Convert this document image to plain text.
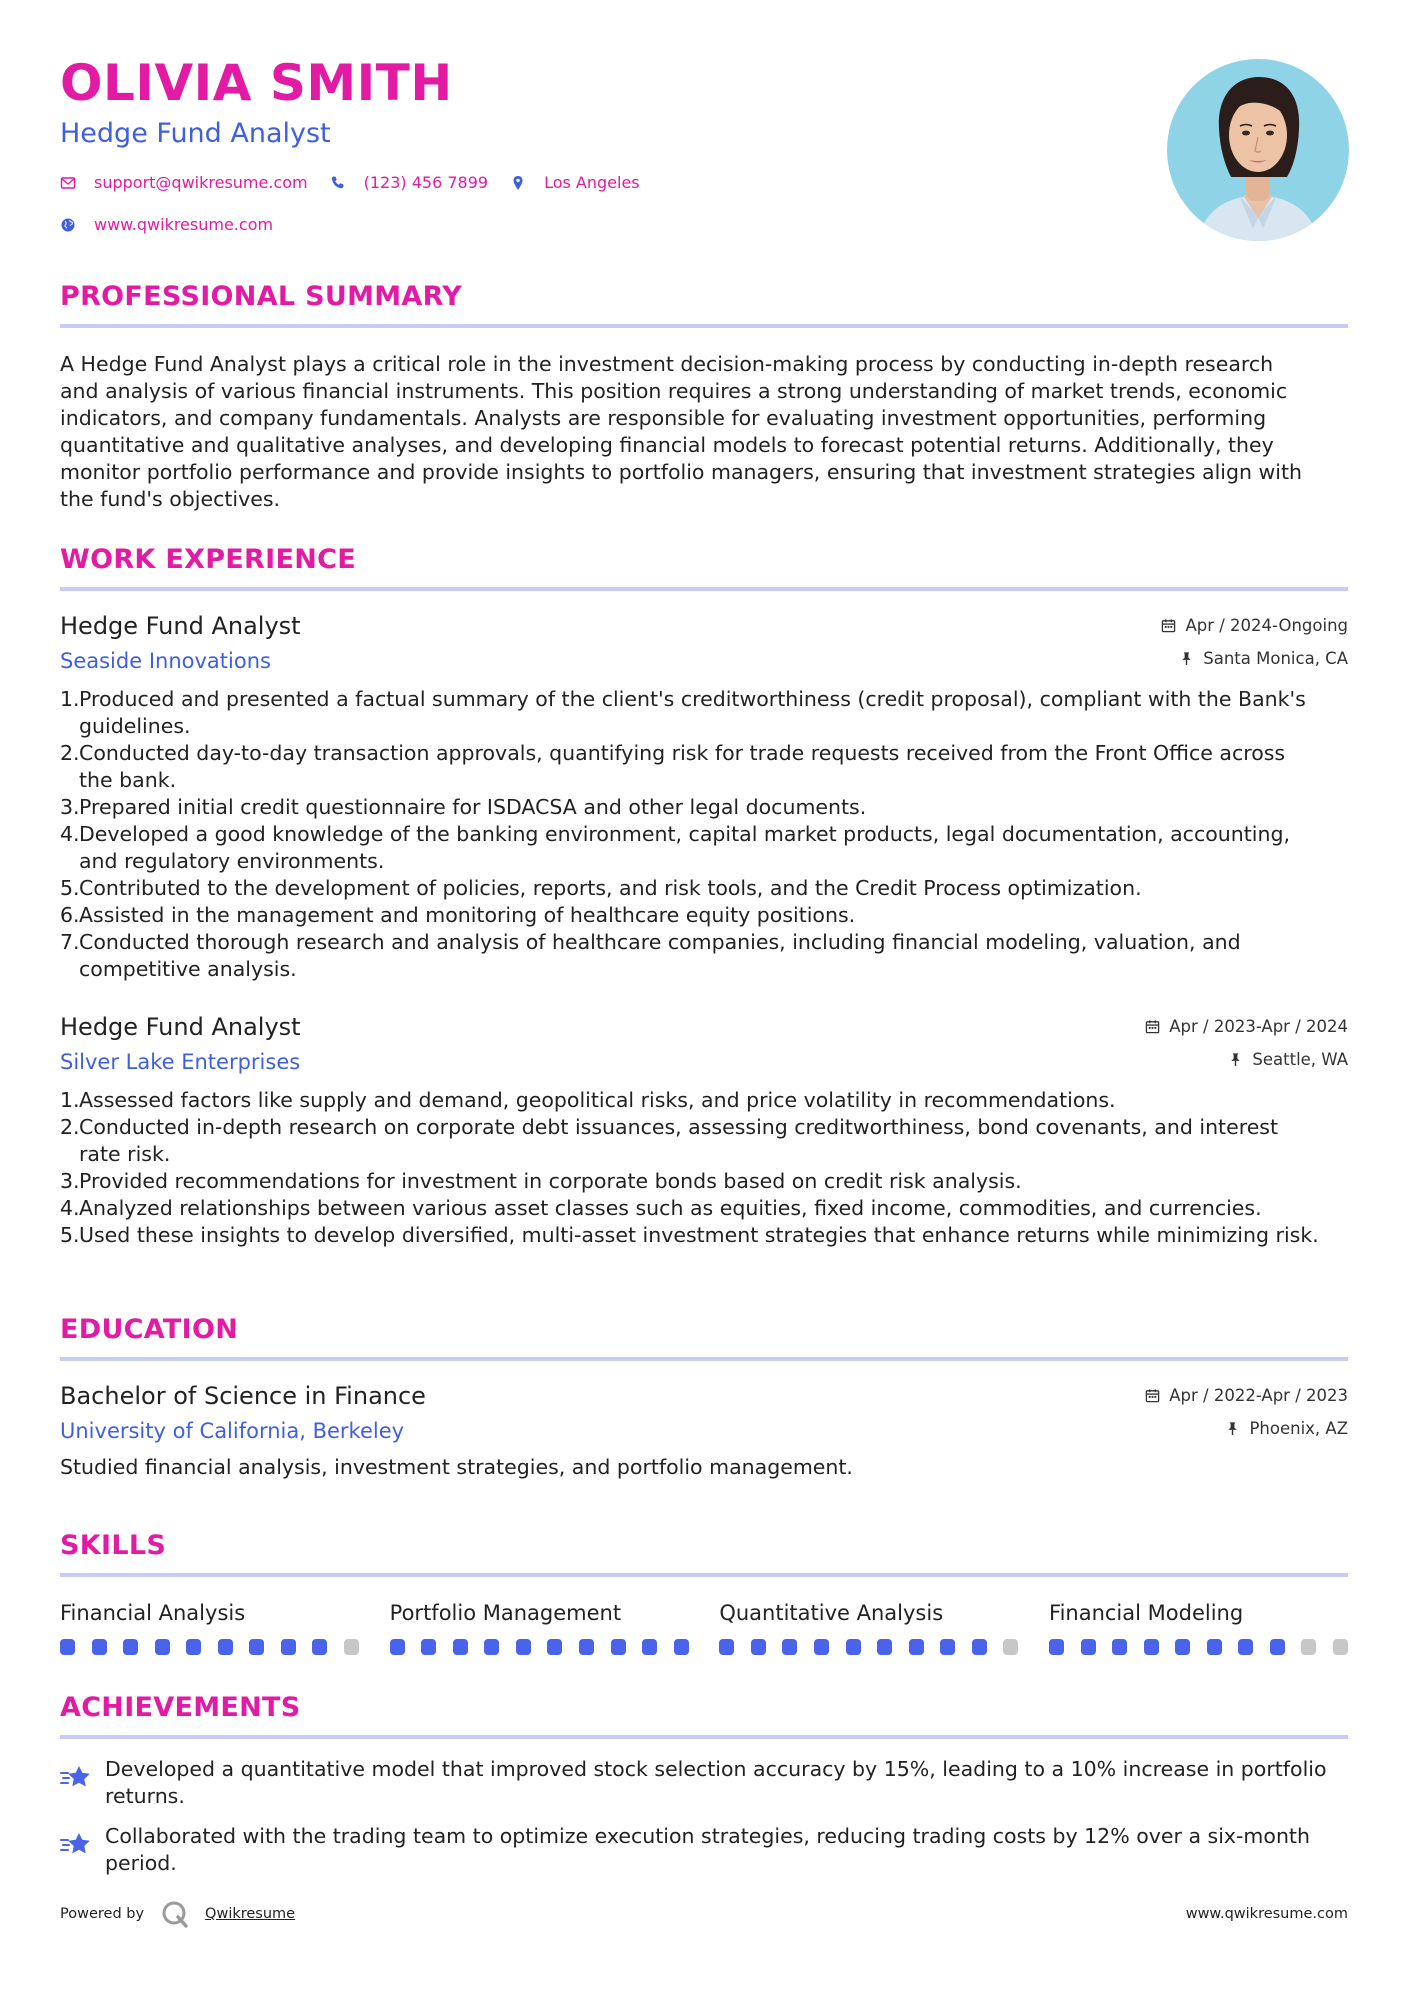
OLIVIA SMITH
Hedge Fund Analyst
support@qwikresume.com	(123) 456 7899	Los Angeles
www.qwikresume.com
PROFESSIONAL SUMMARY
A Hedge Fund Analyst plays a critical role in the investment decision-making process by conducting in-depth research
and analysis of various financial instruments. This position requires a strong understanding of market trends, economic
indicators, and company fundamentals. Analysts are responsible for evaluating investment opportunities, performing
quantitative and qualitative analyses, and developing financial models to forecast potential returns. Additionally, they
monitor portfolio performance and provide insights to portfolio managers, ensuring that investment strategies align with
the fund's objectives.
WORK EXPERIENCE
Hedge Fund Analyst
Seaside Innovations
Apr / 2024-Ongoing
Santa Monica, CA
1. Produced and presented a factual summary of the client's creditworthiness (credit proposal), compliant with the Bank's
guidelines.
2. Conducted day-to-day transaction approvals, quantifying risk for trade requests received from the Front Office across
the bank.
3. Prepared initial credit questionnaire for ISDACSA and other legal documents.
4. Developed a good knowledge of the banking environment, capital market products, legal documentation, accounting,
and regulatory environments.
5. Contributed to the development of policies, reports, and risk tools, and the Credit Process optimization.
6. Assisted in the management and monitoring of healthcare equity positions.
7. Conducted thorough research and analysis of healthcare companies, including financial modeling, valuation, and
competitive analysis.
Hedge Fund Analyst
Silver Lake Enterprises
Apr / 2023-Apr / 2024
Seattle, WA
1. Assessed factors like supply and demand, geopolitical risks, and price volatility in recommendations.
2. Conducted in-depth research on corporate debt issuances, assessing creditworthiness, bond covenants, and interest
rate risk.
3. Provided recommendations for investment in corporate bonds based on credit risk analysis.
4. Analyzed relationships between various asset classes such as equities, fixed income, commodities, and currencies.
5. Used these insights to develop diversified, multi-asset investment strategies that enhance returns while minimizing risk.
EDUCATION
Bachelor of Science in Finance
University of California, Berkeley
Apr / 2022-Apr / 2023
Phoenix, AZ
Studied financial analysis, investment strategies, and portfolio management.
SKILLS
Financial Analysis	Portfolio Management	Quantitative Analysis	Financial Modeling
ACHIEVEMENTS
Developed a quantitative model that improved stock selection accuracy by 15%, leading to a 10% increase in portfolio
returns.
Collaborated with the trading team to optimize execution strategies, reducing trading costs by 12% over a six-month
period.
Powered by	Qwikresume	www.qwikresume.com
